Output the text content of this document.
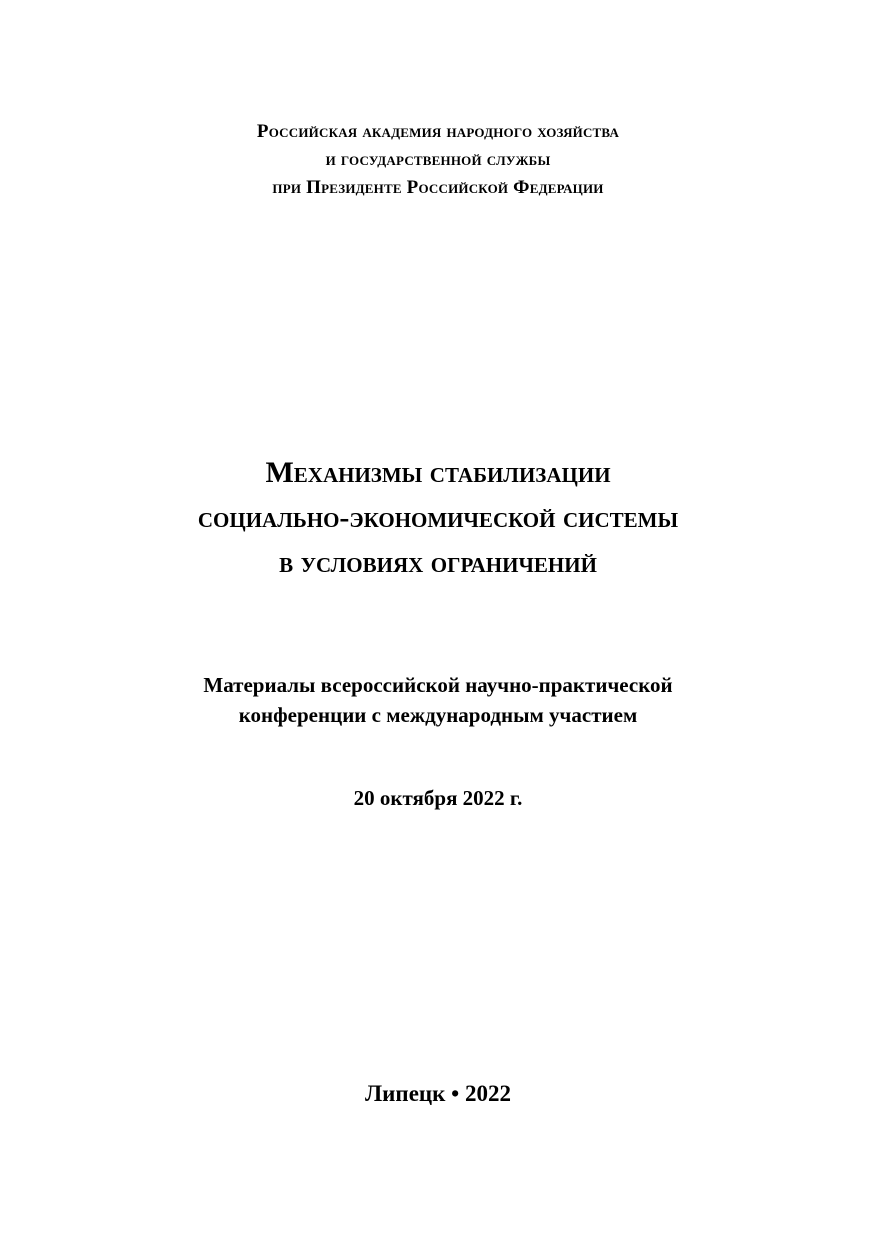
Российская академия народного хозяйства
и государственной службы
при Президенте Российской Федерации
Механизмы стабилизации
социально-экономической системы
в условиях ограничений
Материалы всероссийской научно-практической
конференции с международным участием
20 октября 2022 г.
Липецк • 2022
